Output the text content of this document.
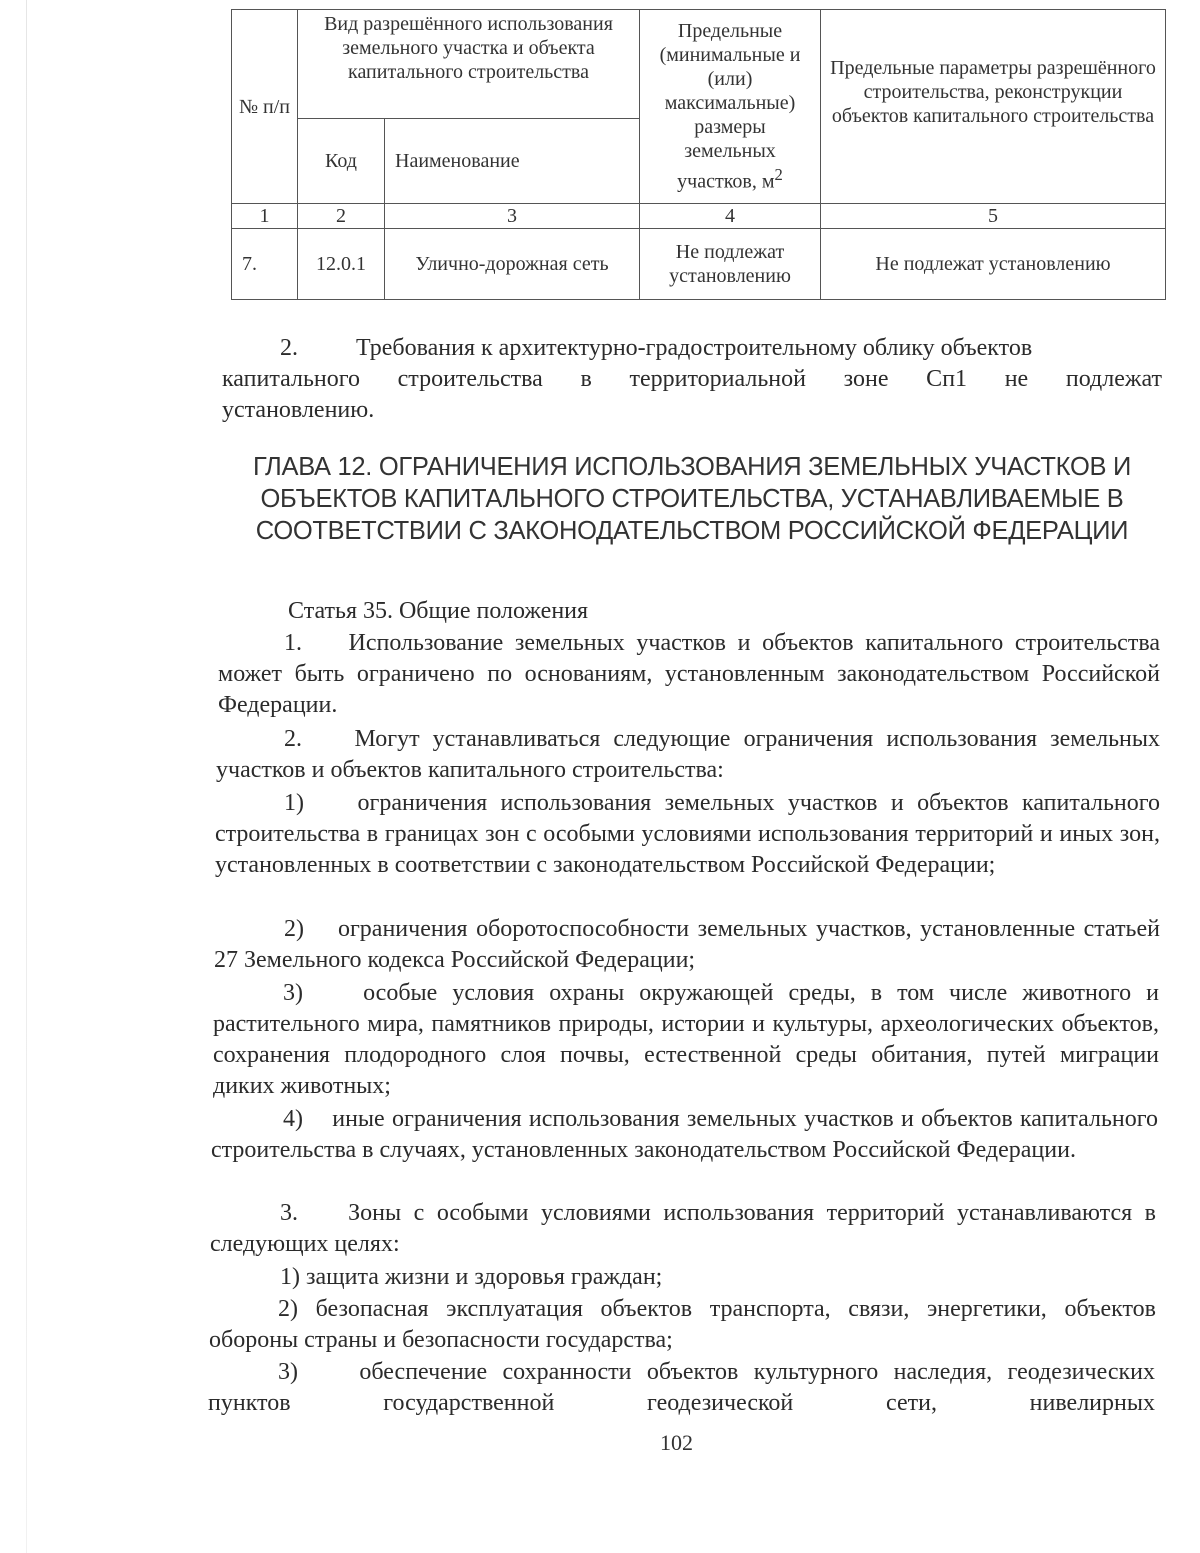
№ п/п	Вид разрешённого использования земельного участка и объекта капитального строительства		Предельные (минимальные и (или) максимальные) размеры земельных участков, $м^2$	Предельные параметры разрешённого строительства, реконструкции объектов капитального строительства
	Код	Наименование		
1	2	3	4	5
7.	12.0.1	Улично-дорожная сеть	Не подлежат установлению	Не подлежат установлению
2. Требования к архитектурно-градостроительному облику объектов
капитального строительства в территориальной зоне Сп1 не подлежат
установлению.
ГЛАВА 12. ОГРАНИЧЕНИЯ ИСПОЛЬЗОВАНИЯ ЗЕМЕЛЬНЫХ УЧАСТКОВ И
ОБЪЕКТОВ КАПИТАЛЬНОГО СТРОИТЕЛЬСТВА, УСТАНАВЛИВАЕМЫЕ В
СООТВЕТСТВИИ С ЗАКОНОДАТЕЛЬСТВОМ РОССИЙСКОЙ ФЕДЕРАЦИИ
Статья 35. Общие положения
1.    Использование земельных участков и объектов капитального строительства может быть ограничено по основаниям, установленным законодательством Российской Федерации.
2.    Могут устанавливаться следующие ограничения использования земельных участков и объектов капитального строительства:
1)    ограничения использования земельных участков и объектов капитального строительства в границах зон с особыми условиями использования территорий и иных зон, установленных в соответствии с законодательством Российской Федерации;
2)    ограничения оборотоспособности земельных участков, установленные статьей 27 Земельного кодекса Российской Федерации;
3)    особые условия охраны окружающей среды, в том числе животного и растительного мира, памятников природы, истории и культуры, археологических объектов, сохранения плодородного слоя почвы, естественной среды обитания, путей миграции диких животных;
4)    иные ограничения использования земельных участков и объектов капитального строительства в случаях, установленных законодательством Российской Федерации.
3.    Зоны с особыми условиями использования территорий устанавливаются в следующих целях:
1) защита жизни и здоровья граждан;
2) безопасная эксплуатация объектов транспорта, связи, энергетики, объектов обороны страны и безопасности государства;
3)    обеспечение сохранности объектов культурного наследия, геодезических пунктов государственной геодезической сети, нивелирных
102
